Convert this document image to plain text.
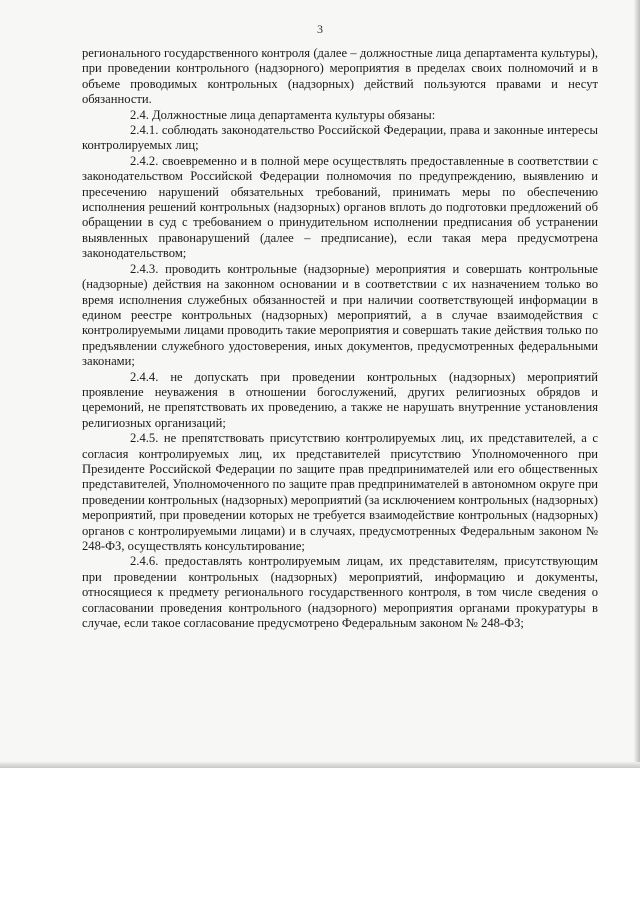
3

регионального государственного контроля (далее – должностные лица департамента культуры), при проведении контрольного (надзорного) мероприятия в пределах своих полномочий и в объеме проводимых контрольных (надзорных) действий пользуются правами и несут обязанности.

2.4. Должностные лица департамента культуры обязаны:

2.4.1. соблюдать законодательство Российской Федерации, права и законные интересы контролируемых лиц;

2.4.2. своевременно и в полной мере осуществлять предоставленные в соответствии с законодательством Российской Федерации полномочия по предупреждению, выявлению и пресечению нарушений обязательных требований, принимать меры по обеспечению исполнения решений контрольных (надзорных) органов вплоть до подготовки предложений об обращении в суд с требованием о принудительном исполнении предписания об устранении выявленных правонарушений (далее – предписание), если такая мера предусмотрена законодательством;

2.4.3. проводить контрольные (надзорные) мероприятия и совершать контрольные (надзорные) действия на законном основании и в соответствии с их назначением только во время исполнения служебных обязанностей и при наличии соответствующей информации в едином реестре контрольных (надзорных) мероприятий, а в случае взаимодействия с контролируемыми лицами проводить такие мероприятия и совершать такие действия только по предъявлении служебного удостоверения, иных документов, предусмотренных федеральными законами;

2.4.4. не допускать при проведении контрольных (надзорных) мероприятий проявление неуважения в отношении богослужений, других религиозных обрядов и церемоний, не препятствовать их проведению, а также не нарушать внутренние установления религиозных организаций;

2.4.5. не препятствовать присутствию контролируемых лиц, их представителей, а с согласия контролируемых лиц, их представителей присутствию Уполномоченного при Президенте Российской Федерации по защите прав предпринимателей или его общественных представителей, Уполномоченного по защите прав предпринимателей в автономном округе при проведении контрольных (надзорных) мероприятий (за исключением контрольных (надзорных) мероприятий, при проведении которых не требуется взаимодействие контрольных (надзорных) органов с контролируемыми лицами) и в случаях, предусмотренных Федеральным законом № 248-ФЗ, осуществлять консультирование;

2.4.6. предоставлять контролируемым лицам, их представителям, присутствующим при проведении контрольных (надзорных) мероприятий, информацию и документы, относящиеся к предмету регионального государственного контроля, в том числе сведения о согласовании проведения контрольного (надзорного) мероприятия органами прокуратуры в случае, если такое согласование предусмотрено Федеральным законом № 248-ФЗ;
